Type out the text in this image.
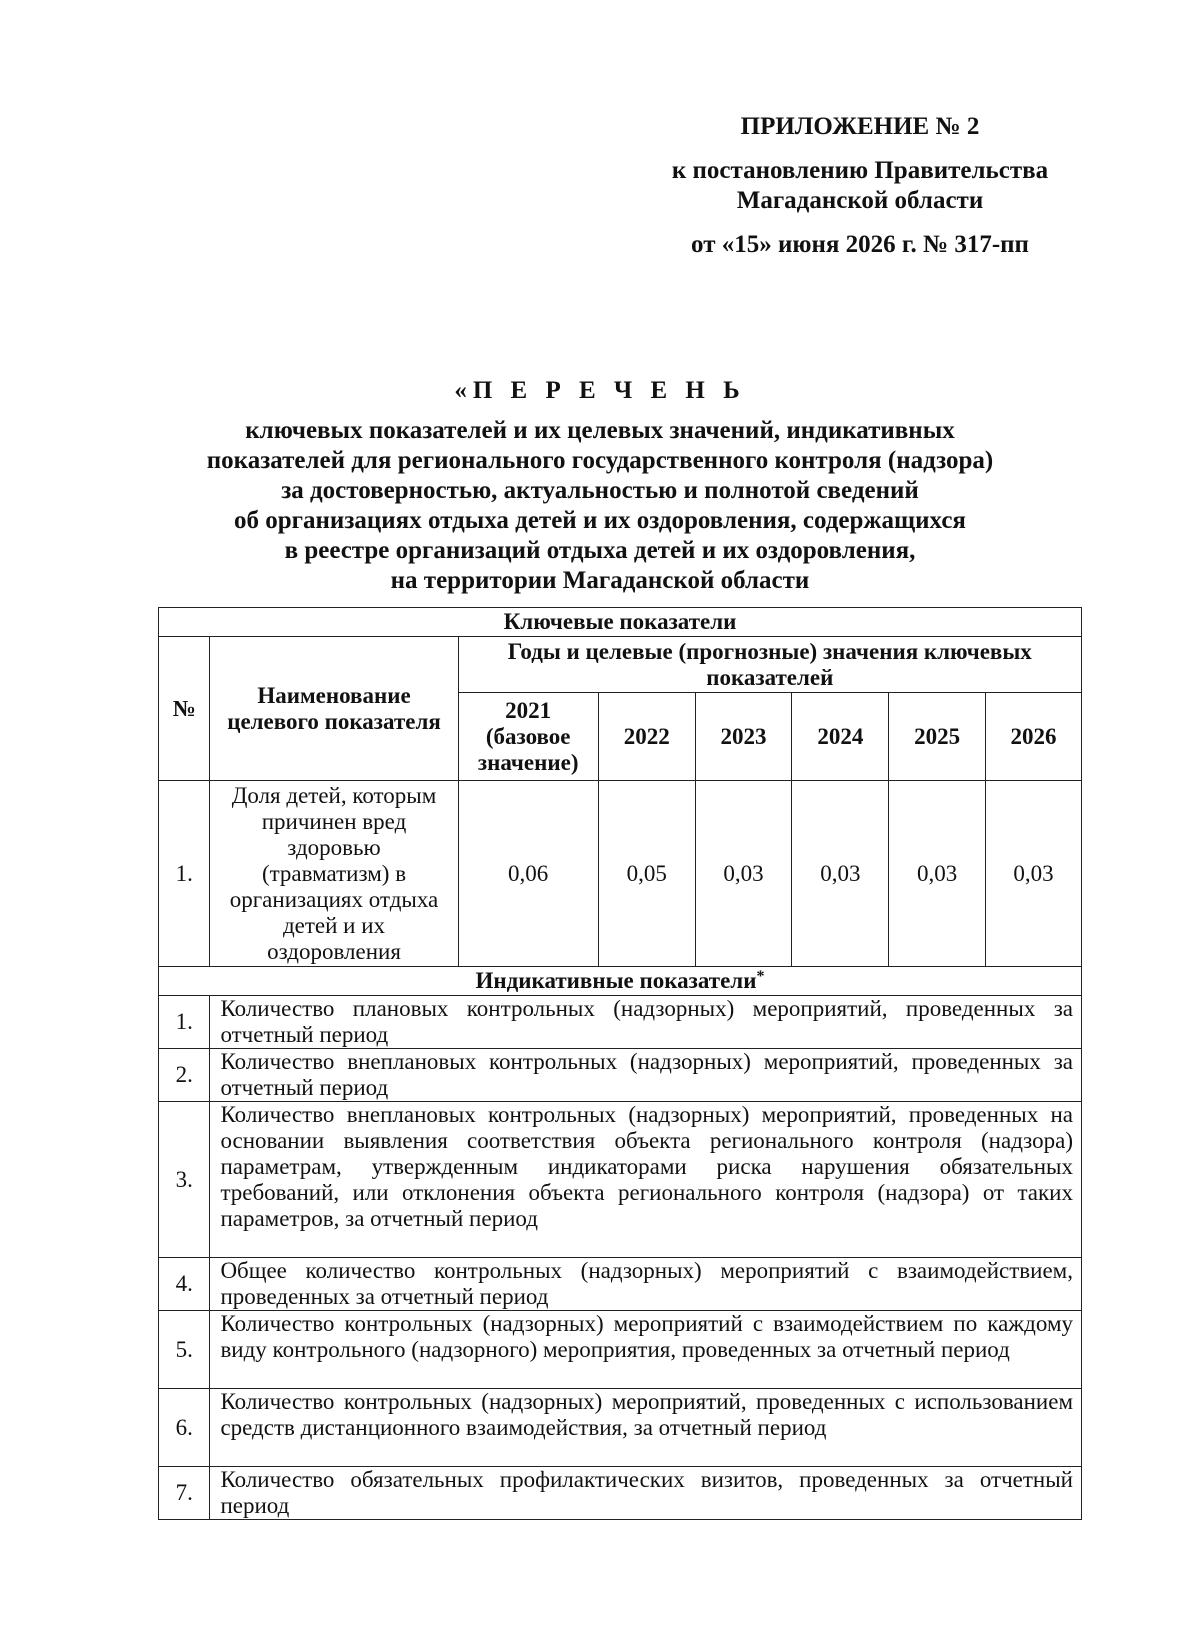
ПРИЛОЖЕНИЕ № 2
к постановлению Правительства
Магаданской области
от «15» июня 2026 г. № 317-пп
«П Е Р Е Ч Е Н Ь
ключевых показателей и их целевых значений, индикативных
показателей для регионального государственного контроля (надзора)
за достоверностью, актуальностью и полнотой сведений
об организациях отдыха детей и их оздоровления, содержащихся
в реестре организаций отдыха детей и их оздоровления,
на территории Магаданской области
Ключевые показатели							
№	Наименование целевого показателя	Годы и целевые (прогнозные) значения ключевых показателей					
		2021 (базовое значение)	2022	2023	2024	2025	2026
1.	Доля детей, которым причинен вред здоровью (травматизм) в организациях отдыха детей и их оздоровления	0,06	0,05	0,03	0,03	0,03	0,03
Индикативные показатели*
1.	Количество плановых контрольных (надзорных) мероприятий, проведенных за отчетный период						
2.	Количество внеплановых контрольных (надзорных) мероприятий, проведенных за отчетный период						
3.	Количество внеплановых контрольных (надзорных) мероприятий, проведенных на основании выявления соответствия объекта регионального контроля (надзора) параметрам, утвержденным индикаторами риска нарушения обязательных требований, или отклонения объекта регионального контроля (надзора) от таких параметров, за отчетный период						
4.	Общее количество контрольных (надзорных) мероприятий с взаимодействием, проведенных за отчетный период						
5.	Количество контрольных (надзорных) мероприятий с взаимодействием по каждому виду контрольного (надзорного) мероприятия, проведенных за отчетный период						
6.	Количество контрольных (надзорных) мероприятий, проведенных с использованием средств дистанционного взаимодействия, за отчетный период						
7.	Количество обязательных профилактических визитов, проведенных за отчетный период						
